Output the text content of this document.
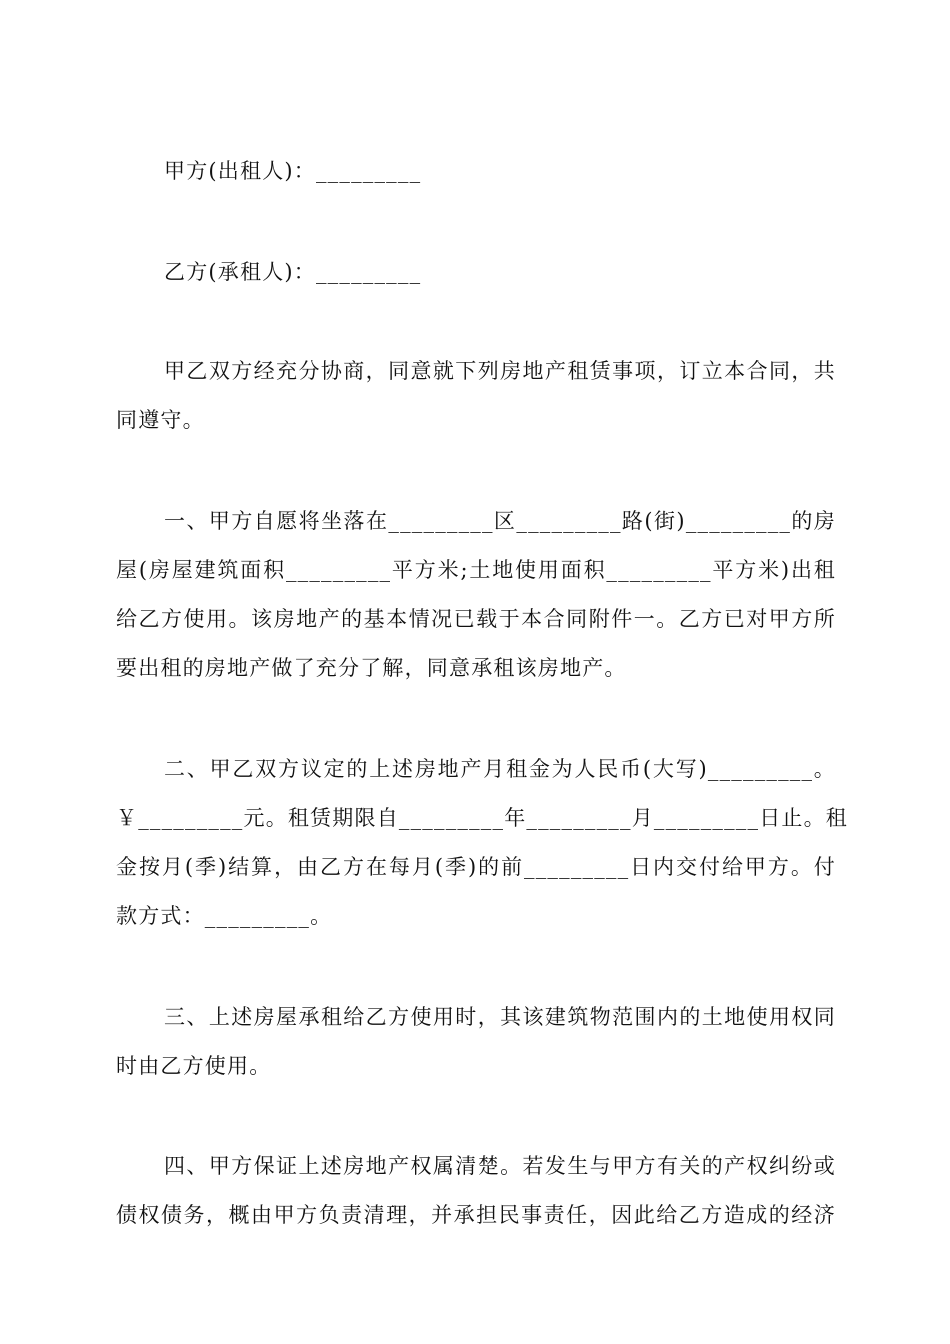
甲方(出租人)：_________
乙方(承租人)：_________
甲乙双方经充分协商，同意就下列房地产租赁事项，订立本合同，共
同遵守。
一、甲方自愿将坐落在_________区_________路(街)_________的房
屋(房屋建筑面积_________平方米;土地使用面积_________平方米)出租
给乙方使用。该房地产的基本情况已载于本合同附件一。乙方已对甲方所
要出租的房地产做了充分了解，同意承租该房地产。
二、甲乙双方议定的上述房地产月租金为人民币(大写)_________。
￥_________元。租赁期限自_________年_________月_________日止。租
金按月(季)结算，由乙方在每月(季)的前_________日内交付给甲方。付
款方式：_________。
三、上述房屋承租给乙方使用时，其该建筑物范围内的土地使用权同
时由乙方使用。
四、甲方保证上述房地产权属清楚。若发生与甲方有关的产权纠纷或
债权债务，概由甲方负责清理，并承担民事责任，因此给乙方造成的经济
